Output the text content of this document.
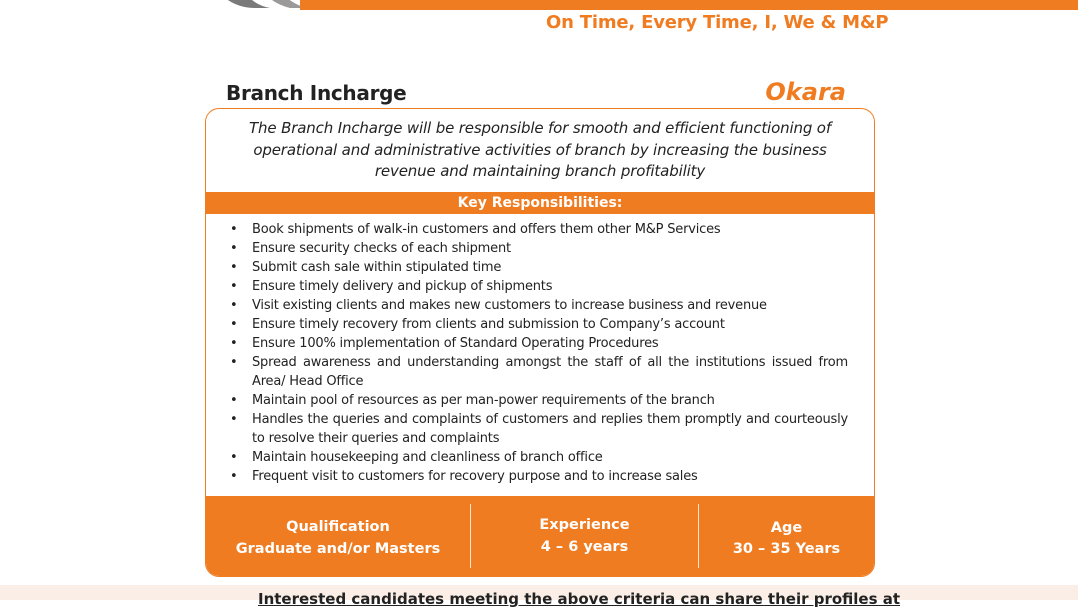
On Time, Every Time, I, We & M&P
Branch Incharge	Okara
The Branch Incharge will be responsible for smooth and efficient functioning of
operational and administrative activities of branch by increasing the business
revenue and maintaining branch profitability
Key Responsibilities:
• Book shipments of walk-in customers and offers them other M&P Services
• Ensure security checks of each shipment
• Submit cash sale within stipulated time
• Ensure timely delivery and pickup of shipments
• Visit existing clients and makes new customers to increase business and revenue
• Ensure timely recovery from clients and submission to Company’s account
• Ensure 100% implementation of Standard Operating Procedures
• Spread awareness and understanding amongst the staff of all the institutions issued from Area/ Head Office
• Maintain pool of resources as per man-power requirements of the branch
• Handles the queries and complaints of customers and replies them promptly and courteously to resolve their queries and complaints
• Maintain housekeeping and cleanliness of branch office
• Frequent visit to customers for recovery purpose and to increase sales
Qualification
Graduate and/or Masters
Experience
4 – 6 years
Age
30 – 35 Years
Interested candidates meeting the above criteria can share their profiles at
